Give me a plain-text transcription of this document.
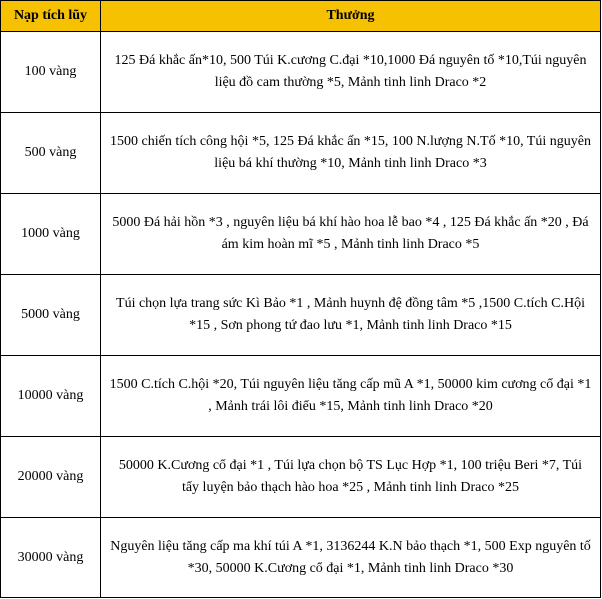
Nạp tích lũy	Thưởng
100 vàng	125 Đá khắc ấn*10, 500 Túi K.cương C.đại *10,1000 Đá nguyên tố *10,Túi nguyên liệu đồ cam thường *5, Mảnh tinh linh Draco *2
500 vàng	1500 chiến tích công hội *5, 125 Đá khắc ấn *15, 100 N.lượng N.Tố *10, Túi nguyên liệu bá khí thường *10, Mảnh tinh linh Draco *3
1000 vàng	5000 Đá hải hồn *3 , nguyên liệu bá khí hào hoa lễ bao *4 , 125 Đá khắc ấn *20 , Đá ám kim hoàn mĩ *5 , Mảnh tinh linh Draco *5
5000 vàng	Túi chọn lựa trang sức Kì Bảo *1 , Mảnh huynh đệ đồng tâm *5 ,1500 C.tích C.Hội *15 , Sơn phong tứ đao lưu *1, Mảnh tinh linh Draco *15
10000 vàng	1500 C.tích C.hội *20, Túi nguyên liệu tăng cấp mũ A *1, 50000 kim cương cổ đại *1 , Mảnh trái lôi điểu *15, Mảnh tinh linh Draco *20
20000 vàng	50000 K.Cương cổ đại *1 , Túi lựa chọn bộ TS Lục Hợp *1, 100 triệu Beri *7, Túi tẩy luyện bảo thạch hào hoa *25 , Mảnh tinh linh Draco *25
30000 vàng	Nguyên liệu tăng cấp ma khí túi A *1, 3136244 K.N bảo thạch *1, 500 Exp nguyên tố *30, 50000 K.Cương cổ đại *1, Mảnh tinh linh Draco *30
